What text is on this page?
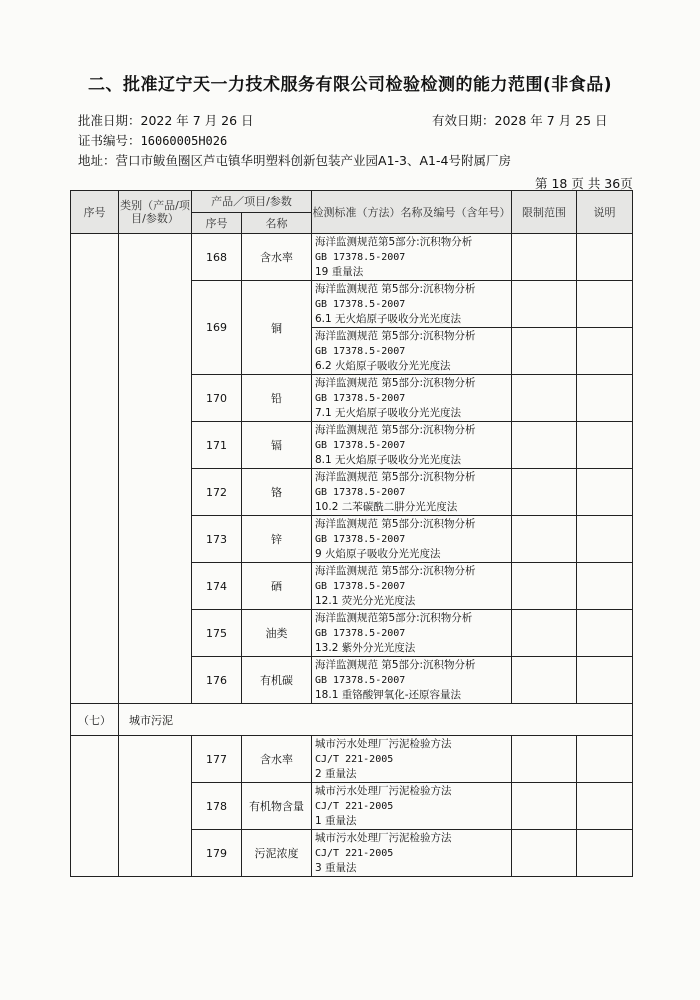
二、批准辽宁天一力技术服务有限公司检验检测的能力范围(非食品)
批准日期：2022 年 7 月 26 日	有效日期：2028 年 7 月 25 日
证书编号：16060005H026
地址：营口市鲅鱼圈区芦屯镇华明塑料创新包装产业园A1-3、A1-4号附属厂房
第 18 页 共 36页
序号	类别（产品/项目/参数）	产品／项目/参数		检测标准（方法）名称及编号（含年号）	限制范围	说明
		序号	名称			
		168	含水率	海洋监测规范第5部分:沉积物分析
GB 17378.5-2007
19 重量法		

		169	铜	海洋监测规范 第5部分:沉积物分析
GB 17378.5-2007
6.1 无火焰原子吸收分光光度法		

				海洋监测规范 第5部分:沉积物分析
GB 17378.5-2007
6.2 火焰原子吸收分光光度法		

		170	铅	海洋监测规范 第5部分:沉积物分析
GB 17378.5-2007
7.1 无火焰原子吸收分光光度法		

		171	镉	海洋监测规范 第5部分:沉积物分析
GB 17378.5-2007
8.1 无火焰原子吸收分光光度法		

		172	铬	海洋监测规范 第5部分:沉积物分析
GB 17378.5-2007
10.2 二苯碳酰二肼分光光度法		

		173	锌	海洋监测规范 第5部分:沉积物分析
GB 17378.5-2007
9 火焰原子吸收分光光度法		

		174	硒	海洋监测规范 第5部分:沉积物分析
GB 17378.5-2007
12.1 荧光分光光度法		

		175	油类	海洋监测规范第5部分:沉积物分析
GB 17378.5-2007
13.2 紫外分光光度法		

		176	有机碳	海洋监测规范 第5部分:沉积物分析
GB 17378.5-2007
18.1 重铬酸钾氧化-还原容量法		

（七）	城市污泥					
		177	含水率	城市污水处理厂污泥检验方法
CJ/T 221-2005
2 重量法		

		178	有机物含量	城市污水处理厂污泥检验方法
CJ/T 221-2005
1 重量法		

		179	污泥浓度	城市污水处理厂污泥检验方法
CJ/T 221-2005
3 重量法		
